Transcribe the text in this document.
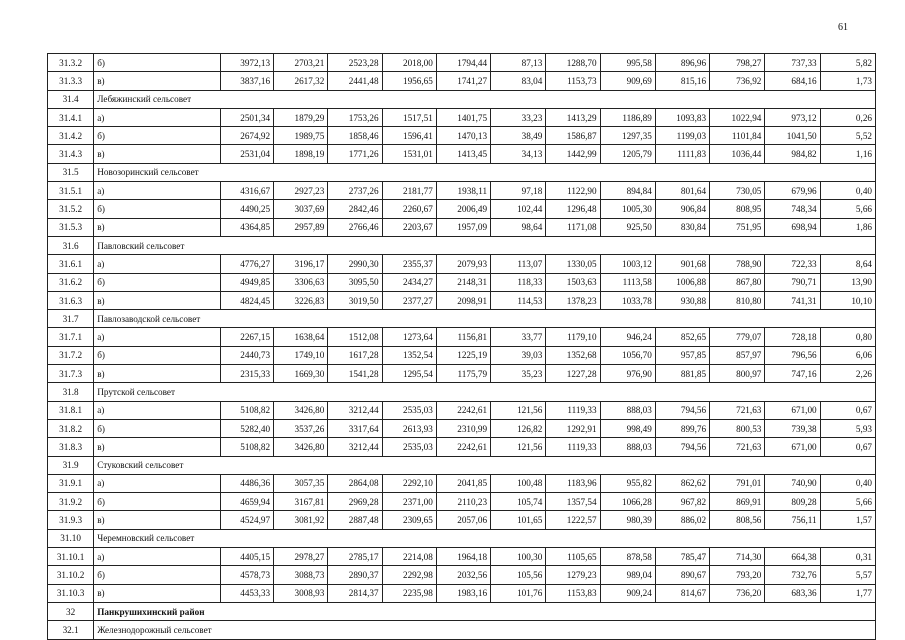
61
31.3.2	б)	3972,13	2703,21	2523,28	2018,00	1794,44	87,13	1288,70	995,58	896,96	798,27	737,33	5,82
31.3.3	в)	3837,16	2617,32	2441,48	1956,65	1741,27	83,04	1153,73	909,69	815,16	736,92	684,16	1,73
31.4	Лебяжинский сельсовет												
31.4.1	а)	2501,34	1879,29	1753,26	1517,51	1401,75	33,23	1413,29	1186,89	1093,83	1022,94	973,12	0,26
31.4.2	б)	2674,92	1989,75	1858,46	1596,41	1470,13	38,49	1586,87	1297,35	1199,03	1101,84	1041,50	5,52
31.4.3	в)	2531,04	1898,19	1771,26	1531,01	1413,45	34,13	1442,99	1205,79	1111,83	1036,44	984,82	1,16
31.5	Новозоринский сельсовет												
31.5.1	а)	4316,67	2927,23	2737,26	2181,77	1938,11	97,18	1122,90	894,84	801,64	730,05	679,96	0,40
31.5.2	б)	4490,25	3037,69	2842,46	2260,67	2006,49	102,44	1296,48	1005,30	906,84	808,95	748,34	5,66
31.5.3	в)	4364,85	2957,89	2766,46	2203,67	1957,09	98,64	1171,08	925,50	830,84	751,95	698,94	1,86
31.6	Павловский сельсовет												
31.6.1	а)	4776,27	3196,17	2990,30	2355,37	2079,93	113,07	1330,05	1003,12	901,68	788,90	722,33	8,64
31.6.2	б)	4949,85	3306,63	3095,50	2434,27	2148,31	118,33	1503,63	1113,58	1006,88	867,80	790,71	13,90
31.6.3	в)	4824,45	3226,83	3019,50	2377,27	2098,91	114,53	1378,23	1033,78	930,88	810,80	741,31	10,10
31.7	Павлозаводской сельсовет												
31.7.1	а)	2267,15	1638,64	1512,08	1273,64	1156,81	33,77	1179,10	946,24	852,65	779,07	728,18	0,80
31.7.2	б)	2440,73	1749,10	1617,28	1352,54	1225,19	39,03	1352,68	1056,70	957,85	857,97	796,56	6,06
31.7.3	в)	2315,33	1669,30	1541,28	1295,54	1175,79	35,23	1227,28	976,90	881,85	800,97	747,16	2,26
31.8	Прутской сельсовет												
31.8.1	а)	5108,82	3426,80	3212,44	2535,03	2242,61	121,56	1119,33	888,03	794,56	721,63	671,00	0,67
31.8.2	б)	5282,40	3537,26	3317,64	2613,93	2310,99	126,82	1292,91	998,49	899,76	800,53	739,38	5,93
31.8.3	в)	5108,82	3426,80	3212,44	2535,03	2242,61	121,56	1119,33	888,03	794,56	721,63	671,00	0,67
31.9	Стуковский сельсовет												
31.9.1	а)	4486,36	3057,35	2864,08	2292,10	2041,85	100,48	1183,96	955,82	862,62	791,01	740,90	0,40
31.9.2	б)	4659,94	3167,81	2969,28	2371,00	2110,23	105,74	1357,54	1066,28	967,82	869,91	809,28	5,66
31.9.3	в)	4524,97	3081,92	2887,48	2309,65	2057,06	101,65	1222,57	980,39	886,02	808,56	756,11	1,57
31.10	Черемновский сельсовет												
31.10.1	а)	4405,15	2978,27	2785,17	2214,08	1964,18	100,30	1105,65	878,58	785,47	714,30	664,38	0,31
31.10.2	б)	4578,73	3088,73	2890,37	2292,98	2032,56	105,56	1279,23	989,04	890,67	793,20	732,76	5,57
31.10.3	в)	4453,33	3008,93	2814,37	2235,98	1983,16	101,76	1153,83	909,24	814,67	736,20	683,36	1,77
32	Панкрушихинский район												
32.1	Железнодорожный сельсовет												
